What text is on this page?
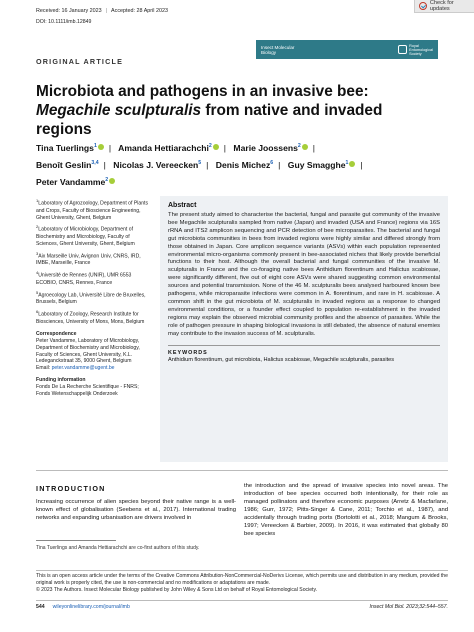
Received: 16 January 2023 | Accepted: 28 April 2023
DOI: 10.1111/imb.12849
Check for updates
ORIGINAL ARTICLE
Insect Molecular
Biology
Royal
Entomological
Society
Microbiota and pathogens in an invasive bee: Megachile sculpturalis from native and invaded regions
Tina Tuerlings$^1$ | Amanda Hettiarachchi$^2$ | Marie Joossens$^2$ |
Benoît Geslin$^{3,4}$ | Nicolas J. Vereecken$^5$ | Denis Michez$^6$ | Guy Smagghe$^1$ |
Peter Vandamme$^2$
$^1$Laboratory of Agrozoology, Department of Plants and Crops, Faculty of Bioscience Engineering, Ghent University, Ghent, Belgium
$^2$Laboratory of Microbiology, Department of Biochemistry and Microbiology, Faculty of Sciences, Ghent University, Ghent, Belgium
$^3$Aix Marseille Univ, Avignon Univ, CNRS, IRD, IMBE, Marseille, France
$^4$Université de Rennes (UNIR), UMR 6553 ECOBIO, CNRS, Rennes, France
$^5$Agroecology Lab, Université Libre de Bruxelles, Brussels, Belgium
$^6$Laboratory of Zoology, Research Institute for Biosciences, University of Mons, Mons, Belgium
Correspondence
Peter Vandamme, Laboratory of Microbiology, Department of Biochemistry and Microbiology, Faculty of Sciences, Ghent University, K.L. Ledeganckstraat 35, 9000 Ghent, Belgium
Email: peter.vandamme@ugent.be
Funding information
Fonds De La Recherche Scientifique - FNRS; Fonds Wetenschappelijk Onderzoek
Abstract

The present study aimed to characterise the bacterial, fungal and parasite gut community of the invasive bee Megachile sculpturalis sampled from native (Japan) and invaded (USA and France) regions via 16S rRNA and ITS2 amplicon sequencing and PCR detection of bee microparasites. The bacterial and fungal gut microbiota communities in bees from invaded regions were highly similar and differed strongly from those obtained in Japan. Core amplicon sequence variants (ASVs) within each population represented environmental micro-organisms commonly present in bee-associated niches that likely provide beneficial functions to their host. Although the overall bacterial and fungal communities of the invasive M. sculpturalis in France and the co-foraging native bees Anthidium florentinum and Halictus scabiosae, were significantly different, five out of eight core ASVs were shared suggesting common environmental sources and potential transmission. None of the 46 M. sculpturalis bees analysed harboured known bee pathogens, while microparasite infections were common in A. florentinum, and rare in H. scabiosae. A common shift in the gut microbiota of M. sculpturalis in invaded regions as a response to changed environmental conditions, or a founder effect coupled to population re-establishment in the invaded regions may explain the observed microbial community profiles and the absence of parasites. While the role of pathogen pressure in shaping biological invasions is still debated, the absence of natural enemies may contribute to the invasion success of M. sculpturalis.

KEYWORDS
Anthidium florentinum, gut microbiota, Halictus scabiosae, Megachile sculpturalis, parasites
INTRODUCTION

Increasing occurrence of alien species beyond their native range is a well-known effect of globalisation (Seebens et al., 2017). International trading networks and expanding urbanisation are drivers involved in

the introduction and the spread of invasive species into novel areas. The introduction of bee species occurred both intentionally, for their role as managed pollinators and therefore economic purposes (Arretz & Macfarlane, 1986; Gurr, 1972; Pitts-Singer & Cane, 2011; Torchio et al., 1987), and accidentally through trading ports (Bortolotti et al., 2018; Mangum & Brooks, 1997; Vereecken & Barbier, 2009). In 2016, it was estimated that globally 80 bee species

Tina Tuerlings and Amanda Hettiarachchi are co-first authors of this study.
This is an open access article under the terms of the Creative Commons Attribution-NonCommercial-NoDerivs License, which permits use and distribution in any medium, provided the original work is properly cited, the use is non-commercial and no modifications or adaptations are made.
© 2023 The Authors. Insect Molecular Biology published by John Wiley & Sons Ltd on behalf of Royal Entomological Society.
544 wileyonlinelibrary.com/journal/imb	Insect Mol Biol. 2023;32:544–557.
